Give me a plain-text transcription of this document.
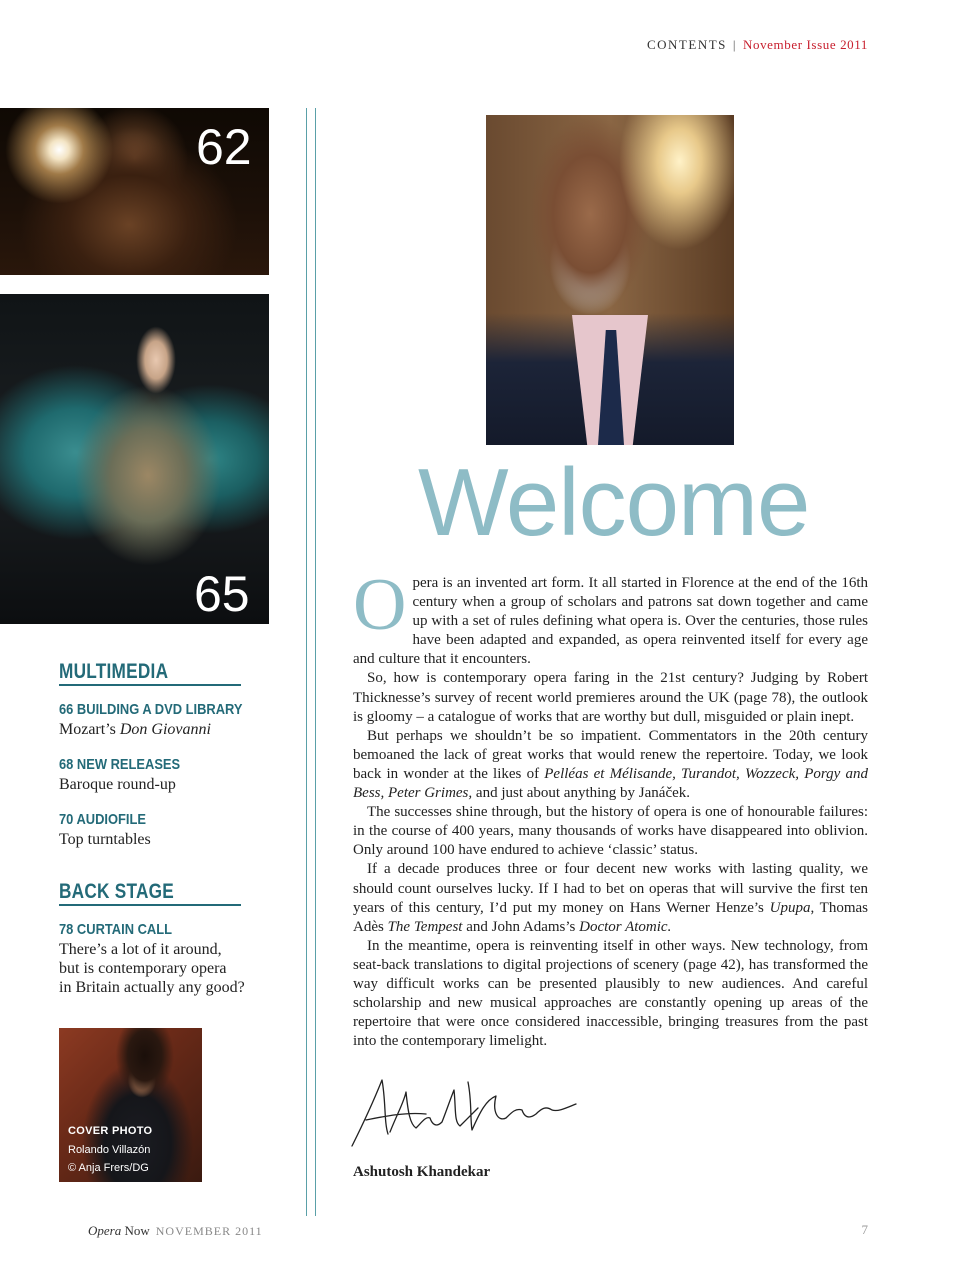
CONTENTS | November Issue 2011
62
65
MULTIMEDIA
66 BUILDING A DVD LIBRARY
Mozart’s Don Giovanni
68 NEW RELEASES
Baroque round-up
70 AUDIOFILE
Top turntables
BACK STAGE
78 CURTAIN CALL
There’s a lot of it around,
but is contemporary opera
in Britain actually any good?
COVER PHOTO
Rolando Villazón
© Anja Frers/DG
Welcome

Opera is an invented art form. It all started in Florence at the end of the 16th century when a group of scholars and patrons sat down together and came up with a set of rules defining what opera is. Over the centuries, those rules have been adapted and expanded, as opera reinvented itself for every age and culture that it encounters.

So, how is contemporary opera faring in the 21st century? Judging by Robert Thicknesse’s survey of recent world premieres around the UK (page 78), the outlook is gloomy – a catalogue of works that are worthy but dull, misguided or plain inept.

But perhaps we shouldn’t be so impatient. Commentators in the 20th century bemoaned the lack of great works that would renew the repertoire. Today, we look back in wonder at the likes of Pelléas et Mélisande, Turandot, Wozzeck, Porgy and Bess, Peter Grimes, and just about anything by Janáček.

The successes shine through, but the history of opera is one of honourable failures: in the course of 400 years, many thousands of works have disappeared into oblivion. Only around 100 have endured to achieve ‘classic’ status.

If a decade produces three or four decent new works with lasting quality, we should count ourselves lucky. If I had to bet on operas that will survive the first ten years of this century, I’d put my money on Hans Werner Henze’s Upupa, Thomas Adès The Tempest and John Adams’s Doctor Atomic.

In the meantime, opera is reinventing itself in other ways. New technology, from seat-back translations to digital projections of scenery (page 42), has transformed the way difficult works can be presented plausibly to new audiences. And careful scholarship and new musical approaches are constantly opening up areas of the repertoire that were once considered inaccessible, bringing treasures from the past into the contemporary limelight.

Ashutosh Khandekar
Opera Now NOVEMBER 2011	7
